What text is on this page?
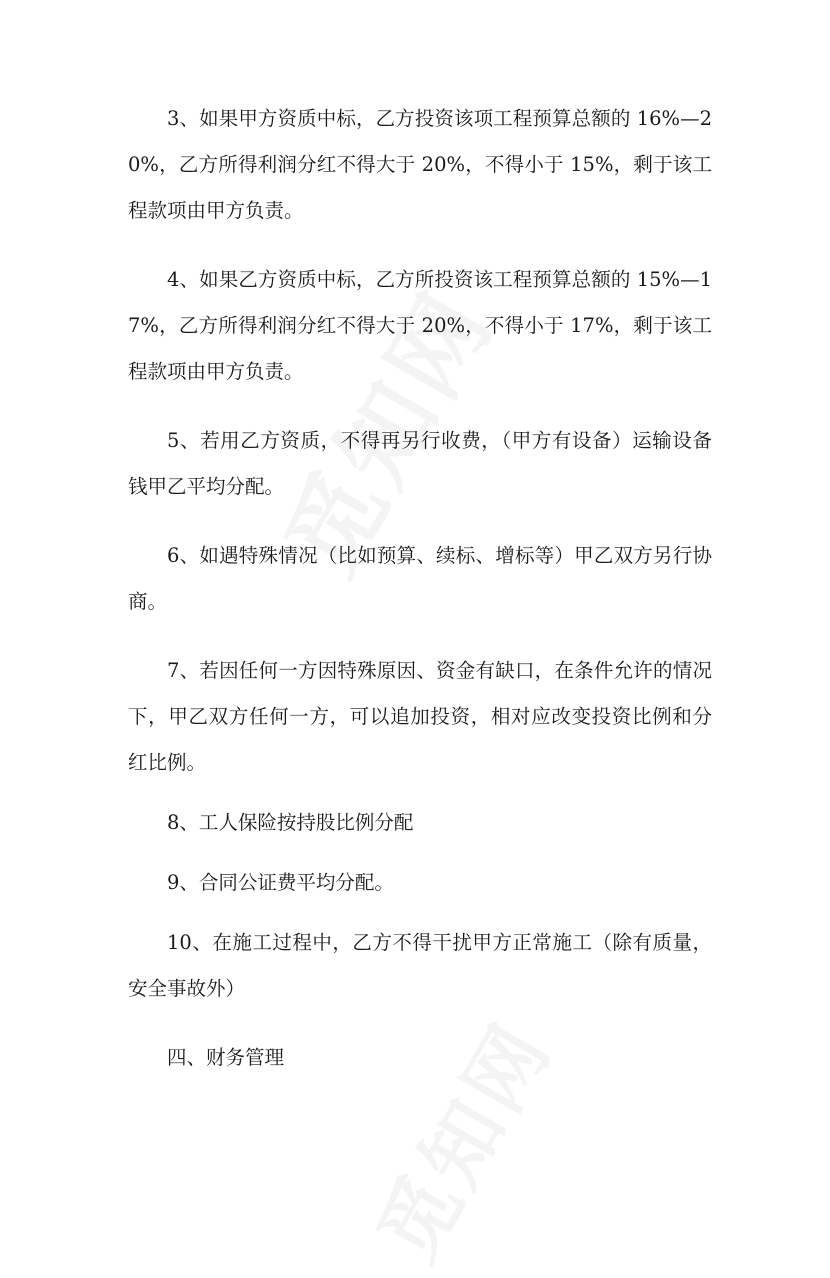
3、如果甲方资质中标，乙方投资该项工程预算总额的 16%—20%，乙方所得利润分红不得大于 20%，不得小于 15%，剩于该工程款项由甲方负责。

4、如果乙方资质中标，乙方所投资该工程预算总额的 15%—17%，乙方所得利润分红不得大于 20%，不得小于 17%，剩于该工程款项由甲方负责。

5、若用乙方资质，不得再另行收费，（甲方有设备）运输设备钱甲乙平均分配。

6、如遇特殊情况（比如预算、续标、增标等）甲乙双方另行协商。

7、若因任何一方因特殊原因、资金有缺口，在条件允许的情况下，甲乙双方任何一方，可以追加投资，相对应改变投资比例和分红比例。

8、工人保险按持股比例分配

9、合同公证费平均分配。

10、在施工过程中，乙方不得干扰甲方正常施工（除有质量，安全事故外）

四、财务管理
